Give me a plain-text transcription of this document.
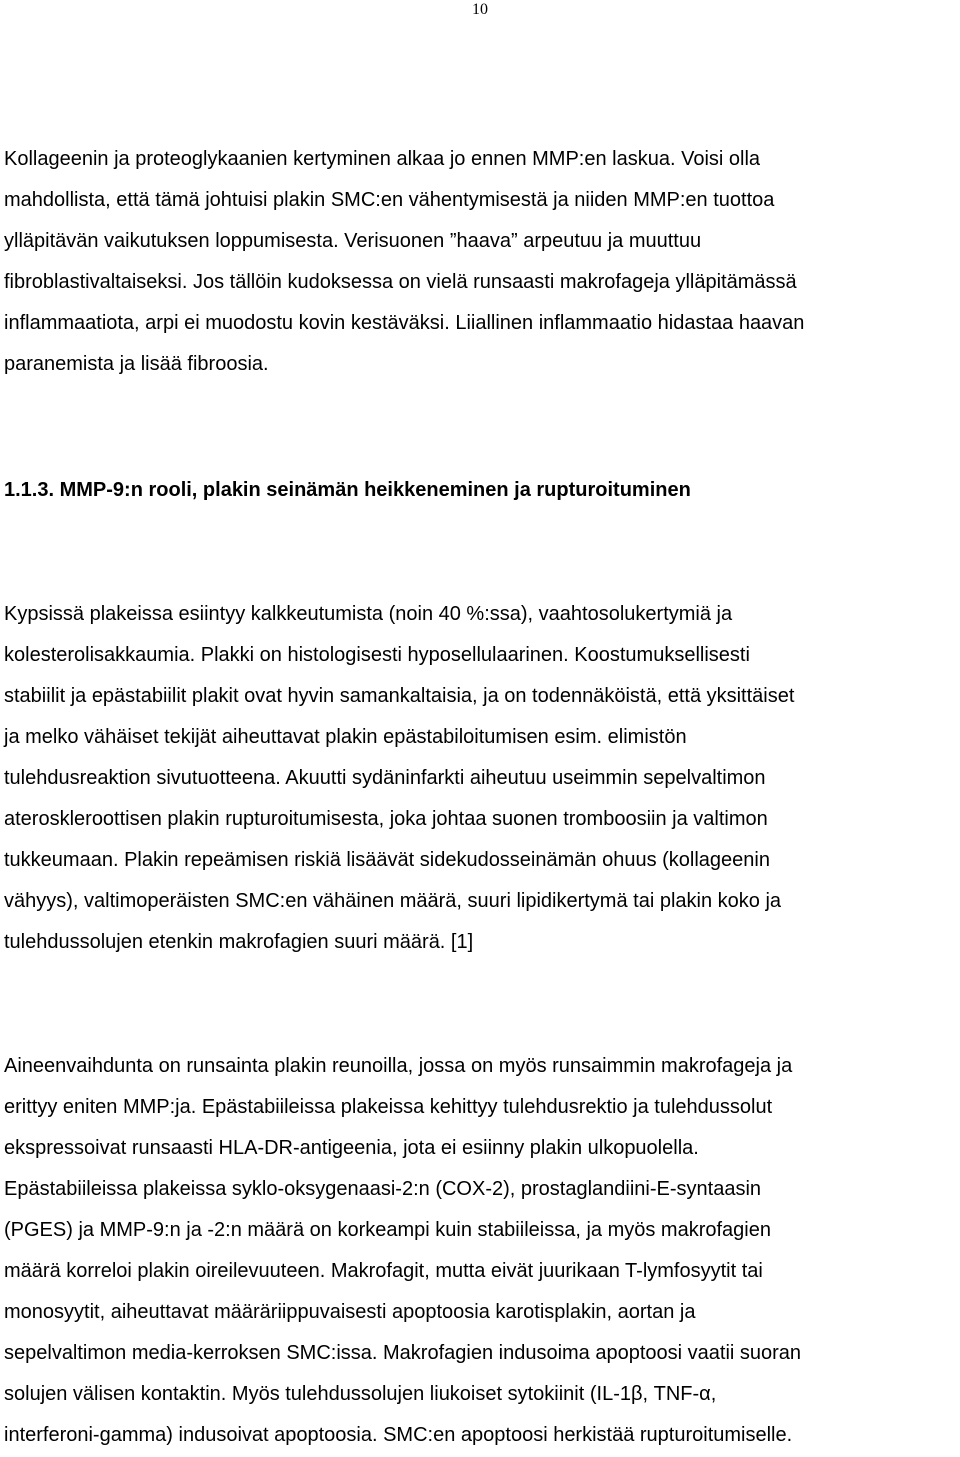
10

Kollageenin ja proteoglykaanien kertyminen alkaa jo ennen MMP:en laskua. Voisi olla
mahdollista, että tämä johtuisi plakin SMC:en vähentymisestä ja niiden MMP:en tuottoa
ylläpitävän vaikutuksen loppumisesta. Verisuonen ”haava” arpeutuu ja muuttuu
fibroblastivaltaiseksi. Jos tällöin kudoksessa on vielä runsaasti makrofageja ylläpitämässä
inflammaatiota, arpi ei muodostu kovin kestäväksi. Liiallinen inflammaatio hidastaa haavan
paranemista ja lisää fibroosia.

1.1.3. MMP-9:n rooli, plakin seinämän heikkeneminen ja rupturoituminen

Kypsissä plakeissa esiintyy kalkkeutumista (noin 40 %:ssa), vaahtosolukertymiä ja
kolesterolisakkaumia. Plakki on histologisesti hyposellulaarinen. Koostumuksellisesti
stabiilit ja epästabiilit plakit ovat hyvin samankaltaisia, ja on todennäköistä, että yksittäiset
ja melko vähäiset tekijät aiheuttavat plakin epästabiloitumisen esim. elimistön
tulehdusreaktion sivutuotteena. Akuutti sydäninfarkti aiheutuu useimmin sepelvaltimon
ateroskleroottisen plakin rupturoitumisesta, joka johtaa suonen tromboosiin ja valtimon
tukkeumaan. Plakin repeämisen riskiä lisäävät sidekudosseinämän ohuus (kollageenin
vähyys), valtimoperäisten SMC:en vähäinen määrä, suuri lipidikertymä tai plakin koko ja
tulehdussolujen etenkin makrofagien suuri määrä. [1]

Aineenvaihdunta on runsainta plakin reunoilla, jossa on myös runsaimmin makrofageja ja
erittyy eniten MMP:ja. Epästabiileissa plakeissa kehittyy tulehdusrektio ja tulehdussolut
ekspressoivat runsaasti HLA-DR-antigeenia, jota ei esiinny plakin ulkopuolella.
Epästabiileissa plakeissa syklo-oksygenaasi-2:n (COX-2), prostaglandiini-E-syntaasin
(PGES) ja MMP-9:n ja -2:n määrä on korkeampi kuin stabiileissa, ja myös makrofagien
määrä korreloi plakin oireilevuuteen. Makrofagit, mutta eivät juurikaan T-lymfosyytit tai
monosyytit, aiheuttavat määräriippuvaisesti apoptoosia karotisplakin, aortan ja
sepelvaltimon media-kerroksen SMC:issa. Makrofagien indusoima apoptoosi vaatii suoran
solujen välisen kontaktin. Myös tulehdussolujen liukoiset sytokiinit (IL-1β, TNF-α,
interferoni-gamma) indusoivat apoptoosia. SMC:en apoptoosi herkistää rupturoitumiselle.
